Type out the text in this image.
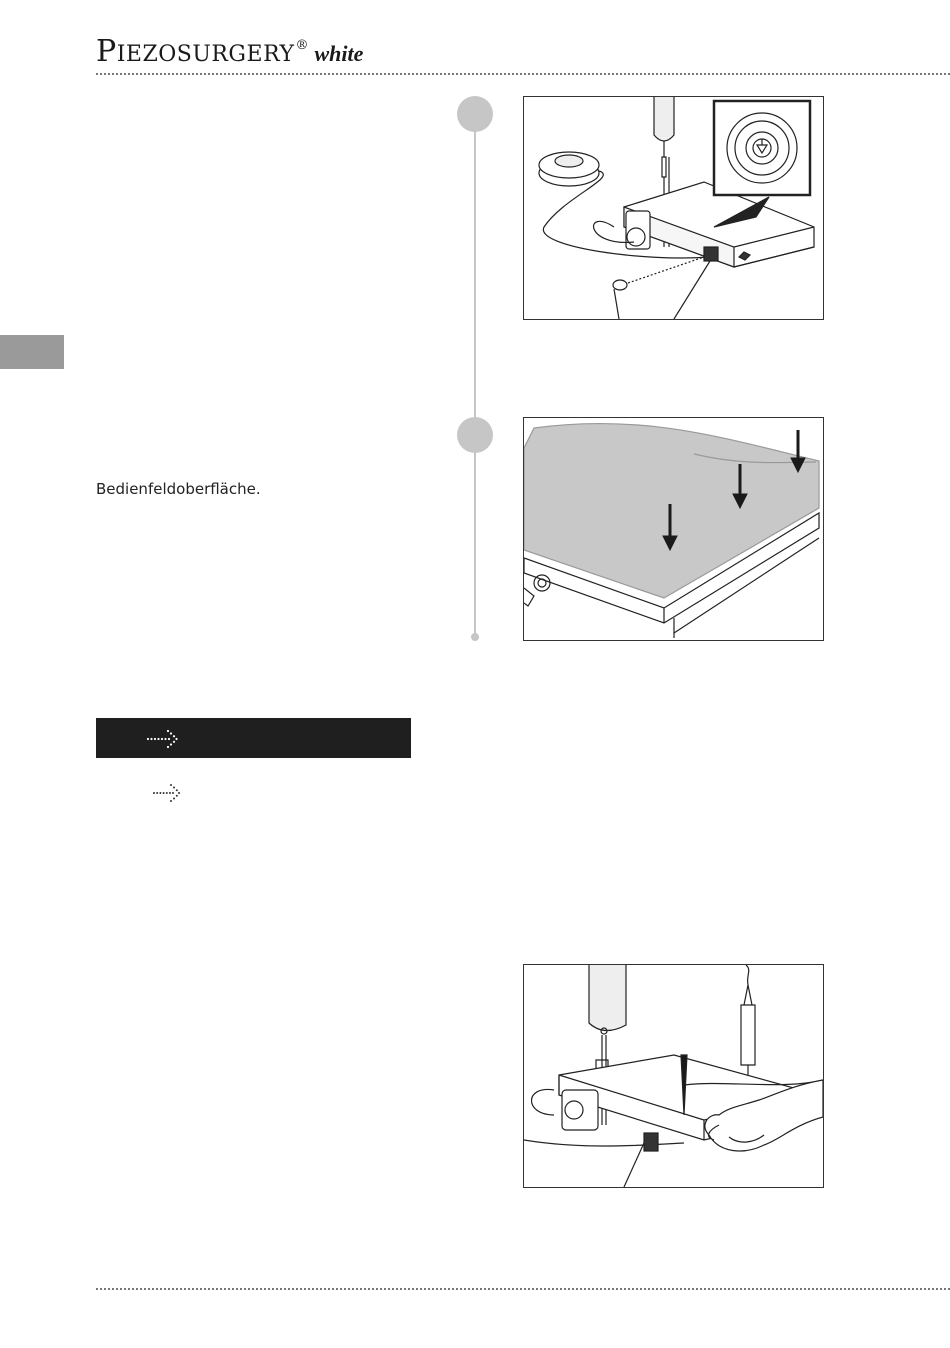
PIEZOSURGERY ® white
Bedienfeldoberfläche.
